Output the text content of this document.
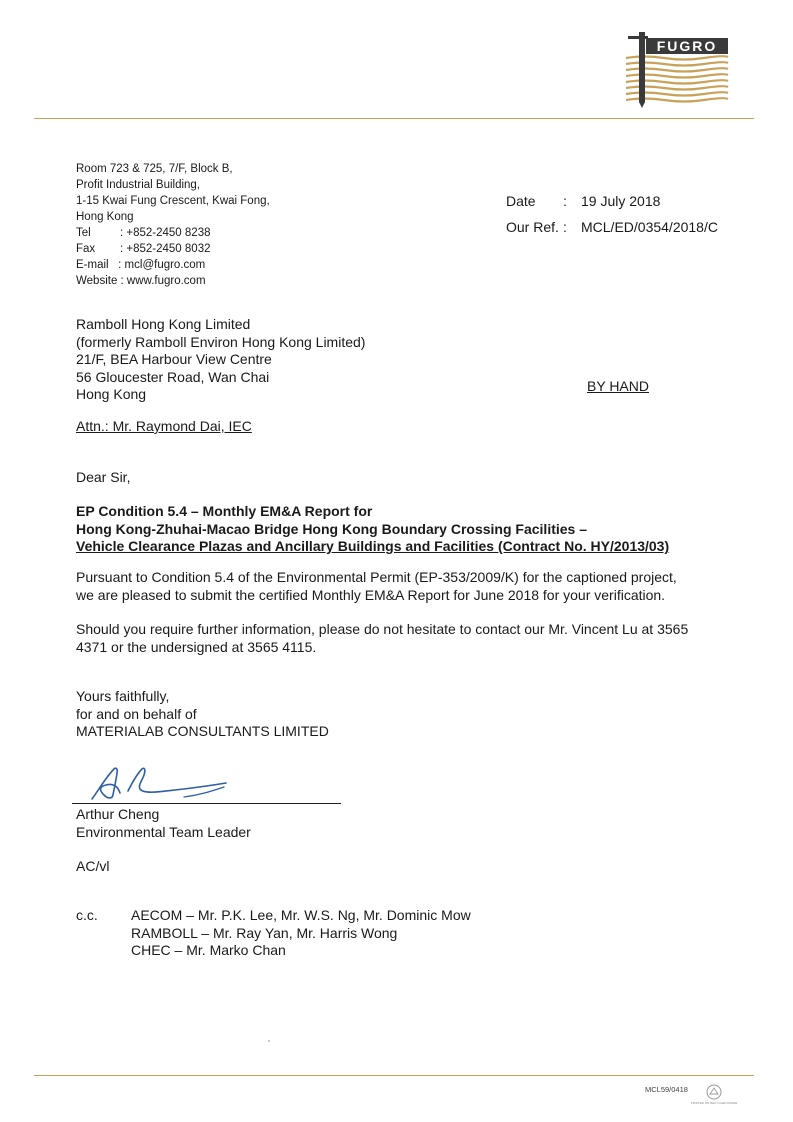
FUGRO
Room 723 & 725, 7/F, Block B,
Profit Industrial Building,
1-15 Kwai Fung Crescent, Kwai Fong,
Hong Kong
Tel	: +852-2450 8238
Fax	: +852-2450 8032
E-mail   : mcl@fugro.com
Website : www.fugro.com
Date	:	19 July 2018
Our Ref. :	MCL/ED/0354/2018/C
Ramboll Hong Kong Limited
(formerly Ramboll Environ Hong Kong Limited)
21/F, BEA Harbour View Centre
56 Gloucester Road, Wan Chai
Hong Kong	BY HAND
Attn.: Mr. Raymond Dai, IEC
Dear Sir,
EP Condition 5.4 – Monthly EM&A Report for
Hong Kong-Zhuhai-Macao Bridge Hong Kong Boundary Crossing Facilities –
Vehicle Clearance Plazas and Ancillary Buildings and Facilities (Contract No. HY/2013/03)
Pursuant to Condition 5.4 of the Environmental Permit (EP-353/2009/K) for the captioned project,
we are pleased to submit the certified Monthly EM&A Report for June 2018 for your verification.
Should you require further information, please do not hesitate to contact our Mr. Vincent Lu at 3565
4371 or the undersigned at 3565 4115.
Yours faithfully,
for and on behalf of
MATERIALAB CONSULTANTS LIMITED
Arthur Cheng
Environmental Team Leader
AC/vl
c.c. AECOM – Mr. P.K. Lee, Mr. W.S. Ng, Mr. Dominic Mow
RAMBOLL – Mr. Ray Yan, Mr. Harris Wong
CHEC – Mr. Marko Chan
MCL59/0418
PRINTED ON RECYCLED PAPER
